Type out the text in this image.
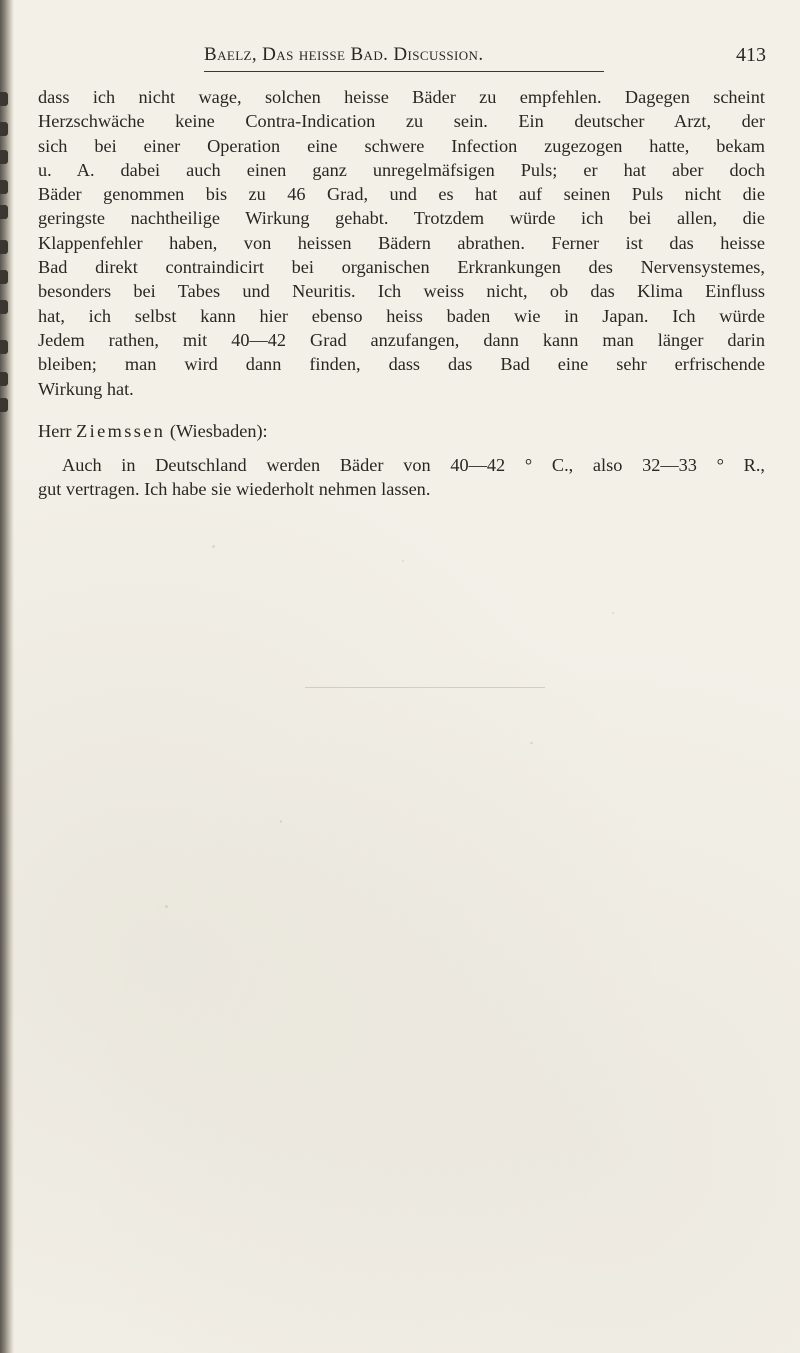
Baelz, Das heisse Bad. Discussion.	413
dass ich nicht wage, solchen heisse Bäder zu empfehlen. Dagegen scheint
Herzschwäche keine Contra-Indication zu sein. Ein deutscher Arzt, der
sich bei einer Operation eine schwere Infection zugezogen hatte, bekam
u. A. dabei auch einen ganz unregelmäfsigen Puls; er hat aber doch
Bäder genommen bis zu 46 Grad, und es hat auf seinen Puls nicht die
geringste nachtheilige Wirkung gehabt. Trotzdem würde ich bei allen, die
Klappenfehler haben, von heissen Bädern abrathen. Ferner ist das heisse
Bad direkt contraindicirt bei organischen Erkrankungen des Nervensystemes,
besonders bei Tabes und Neuritis. Ich weiss nicht, ob das Klima Einfluss
hat, ich selbst kann hier ebenso heiss baden wie in Japan. Ich würde
Jedem rathen, mit 40—42 Grad anzufangen, dann kann man länger darin
bleiben; man wird dann finden, dass das Bad eine sehr erfrischende
Wirkung hat.
Herr Ziemssen (Wiesbaden):
Auch in Deutschland werden Bäder von 40—42 ° C., also 32—33 ° R.,
gut vertragen. Ich habe sie wiederholt nehmen lassen.
